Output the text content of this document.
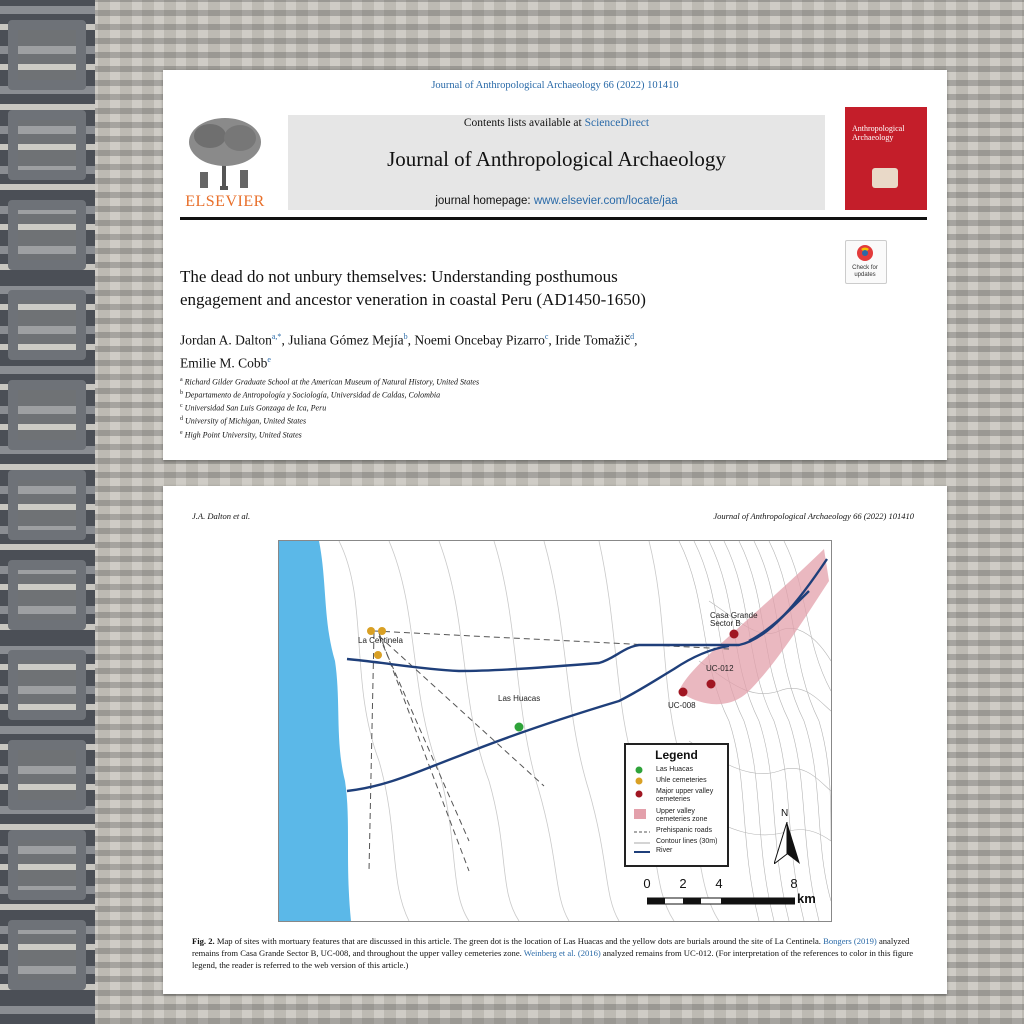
Journal of Anthropological Archaeology 66 (2022) 101410
ELSEVIER
Contents lists available at ScienceDirect
Journal of Anthropological Archaeology
journal homepage: www.elsevier.com/locate/jaa
Anthropological Archaeology
Check for updates
The dead do not unbury themselves: Understanding posthumous
engagement and ancestor veneration in coastal Peru (AD1450-1650)
Jordan A. Dalton$^{a,*}$, Juliana Gómez Mejía$^b$, Noemi Oncebay Pizarro$^c$, Iride Tomažič$^d$,
Emilie M. Cobb$^e$
$^a$ Richard Gilder Graduate School at the American Museum of Natural History, United States
$^b$ Departamento de Antropología y Sociología, Universidad de Caldas, Colombia
$^c$ Universidad San Luis Gonzaga de Ica, Peru
$^d$ University of Michigan, United States
$^e$ High Point University, United States
J.A. Dalton et al.	Journal of Anthropological Archaeology 66 (2022) 101410
La Centinela
Las Huacas
Casa Grande
Sector B
UC-012
UC-008
Legend
Las Huacas
Uhle cemeteries
Major upper valley cemeteries
Upper valley cemeteries zone
Prehispanic roads
Contour lines (30m)
River
N
0	2	4	8
km
Fig. 2. Map of sites with mortuary features that are discussed in this article. The green dot is the location of Las Huacas and the yellow dots are burials around the site of La Centinela. Bongers (2019) analyzed remains from Casa Grande Sector B, UC-008, and throughout the upper valley cemeteries zone. Weinberg et al. (2016) analyzed remains from UC-012. (For interpretation of the references to color in this figure legend, the reader is referred to the web version of this article.)
